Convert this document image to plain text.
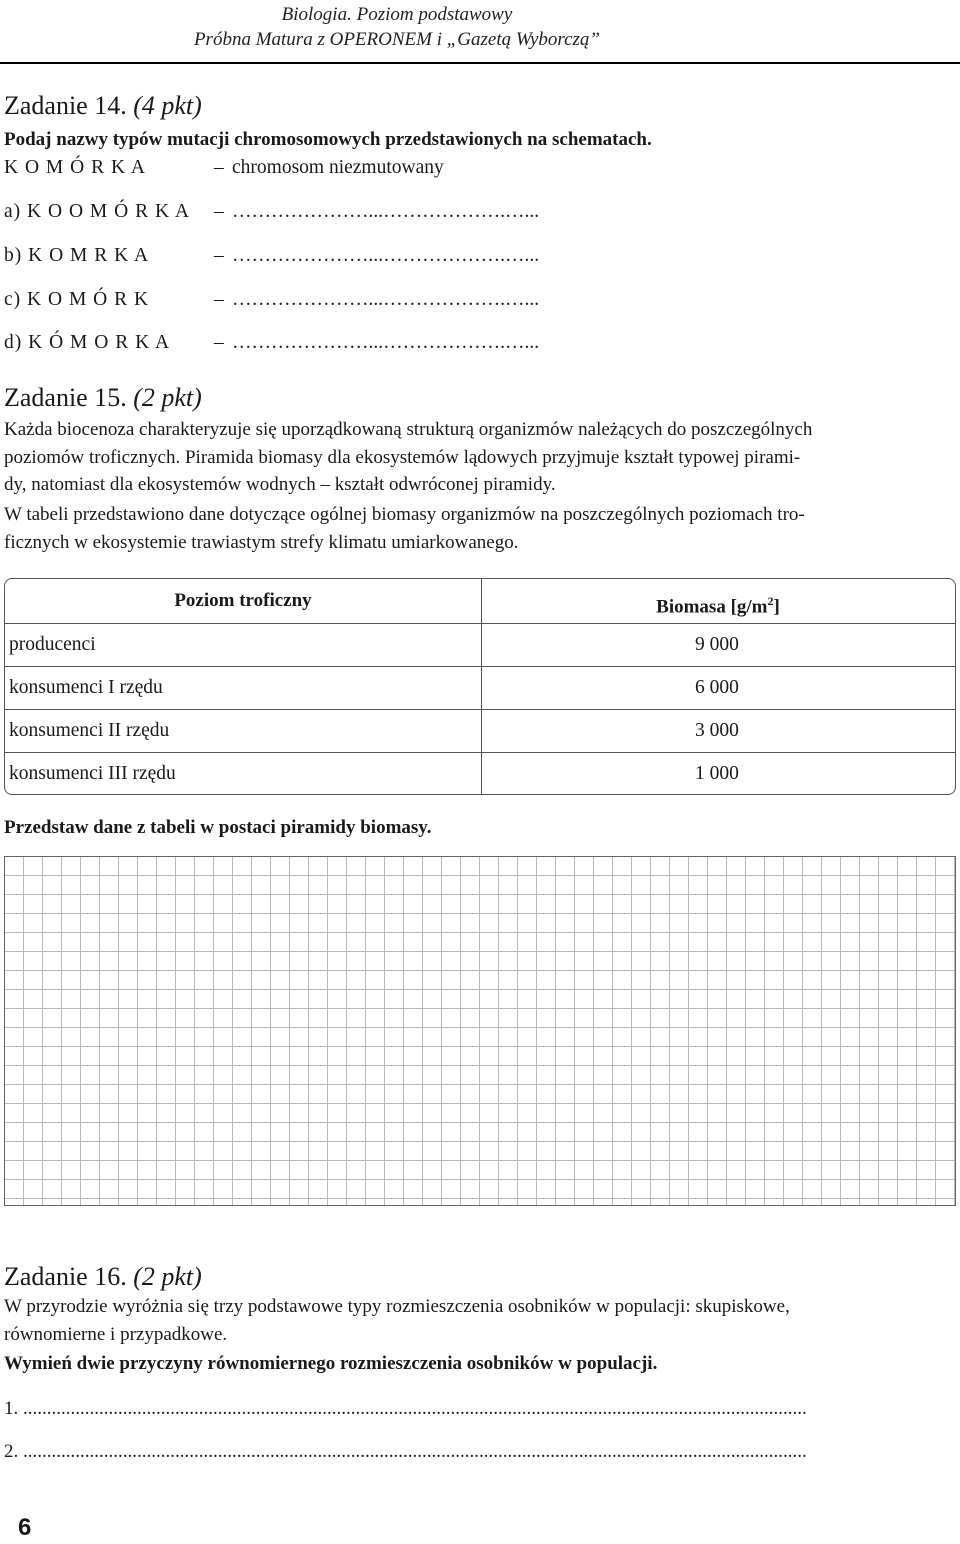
Biologia. Poziom podstawowy
Próbna Matura z OPERONEM i „Gazetą Wyborczą”
Zadanie 14. (4 pkt)
Podaj nazwy typów mutacji chromosomowych przedstawionych na schematach.
K O M Ó R K A	– chromosom niezmutowany
a) K O O M Ó R K A – …………………...……………….…...
b) K O M R K A	– …………………...……………….…...
c) K O M Ó R K	– …………………...……………….…...
d) K Ó M O R K A – …………………...……………….…...
Zadanie 15. (2 pkt)
Każda biocenoza charakteryzuje się uporządkowaną strukturą organizmów należących do poszczególnych
poziomów troficznych. Piramida biomasy dla ekosystemów lądowych przyjmuje kształt typowej pirami-
dy, natomiast dla ekosystemów wodnych – kształt odwróconej piramidy.
W tabeli przedstawiono dane dotyczące ogólnej biomasy organizmów na poszczególnych poziomach tro-
ficznych w ekosystemie trawiastym strefy klimatu umiarkowanego.
Poziom troficzny	Biomasa $[g/m^2]$
producenci	9 000
konsumenci I rzędu	6 000
konsumenci II rzędu	3 000
konsumenci III rzędu	1 000
Przedstaw dane z tabeli w postaci piramidy biomasy.
Zadanie 16. (2 pkt)
W przyrodzie wyróżnia się trzy podstawowe typy rozmieszczenia osobników w populacji: skupiskowe,
równomierne i przypadkowe.
Wymień dwie przyczyny równomiernego rozmieszczenia osobników w populacji.
1. .....................................................................................................................................................................
2. .....................................................................................................................................................................
6
